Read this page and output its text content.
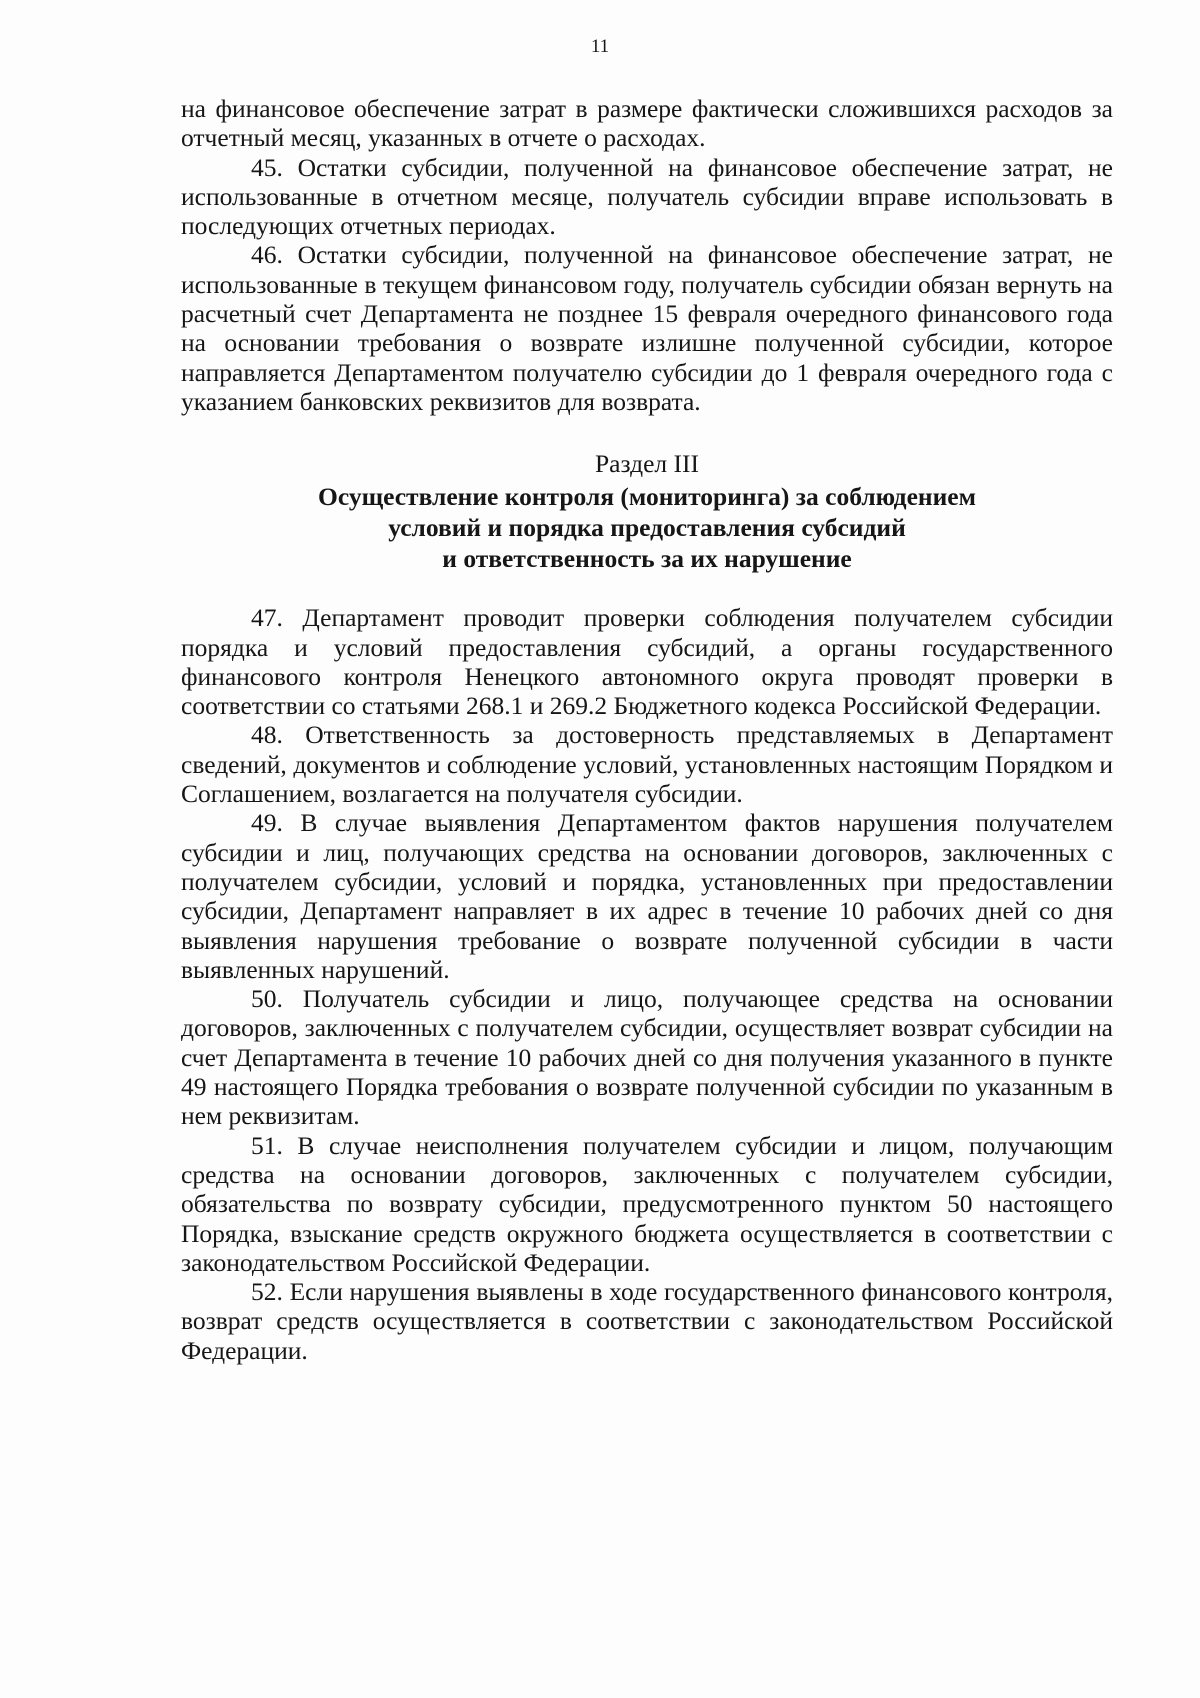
11

на финансовое обеспечение затрат в размере фактически сложившихся расходов за отчетный месяц, указанных в отчете о расходах.

45. Остатки субсидии, полученной на финансовое обеспечение затрат, не использованные в отчетном месяце, получатель субсидии вправе использовать в последующих отчетных периодах.

46. Остатки субсидии, полученной на финансовое обеспечение затрат, не использованные в текущем финансовом году, получатель субсидии обязан вернуть на расчетный счет Департамента не позднее 15 февраля очередного финансового года на основании требования о возврате излишне полученной субсидии, которое направляется Департаментом получателю субсидии до 1 февраля очередного года с указанием банковских реквизитов для возврата.

Раздел III

Осуществление контроля (мониторинга) за соблюдением
условий и порядка предоставления субсидий
и ответственность за их нарушение

47. Департамент проводит проверки соблюдения получателем субсидии порядка и условий предоставления субсидий, а органы государственного финансового контроля Ненецкого автономного округа проводят проверки в соответствии со статьями 268.1 и 269.2 Бюджетного кодекса Российской Федерации.

48. Ответственность за достоверность представляемых в Департамент сведений, документов и соблюдение условий, установленных настоящим Порядком и Соглашением, возлагается на получателя субсидии.

49. В случае выявления Департаментом фактов нарушения получателем субсидии и лиц, получающих средства на основании договоров, заключенных с получателем субсидии, условий и порядка, установленных при предоставлении субсидии, Департамент направляет в их адрес в течение 10 рабочих дней со дня выявления нарушения требование о возврате полученной субсидии в части выявленных нарушений.

50. Получатель субсидии и лицо, получающее средства на основании договоров, заключенных с получателем субсидии, осуществляет возврат субсидии на счет Департамента в течение 10 рабочих дней со дня получения указанного в пункте 49 настоящего Порядка требования о возврате полученной субсидии по указанным в нем реквизитам.

51. В случае неисполнения получателем субсидии и лицом, получающим средства на основании договоров, заключенных с получателем субсидии, обязательства по возврату субсидии, предусмотренного пунктом 50 настоящего Порядка, взыскание средств окружного бюджета осуществляется в соответствии с законодательством Российской Федерации.

52. Если нарушения выявлены в ходе государственного финансового контроля, возврат средств осуществляется в соответствии с законодательством Российской Федерации.
